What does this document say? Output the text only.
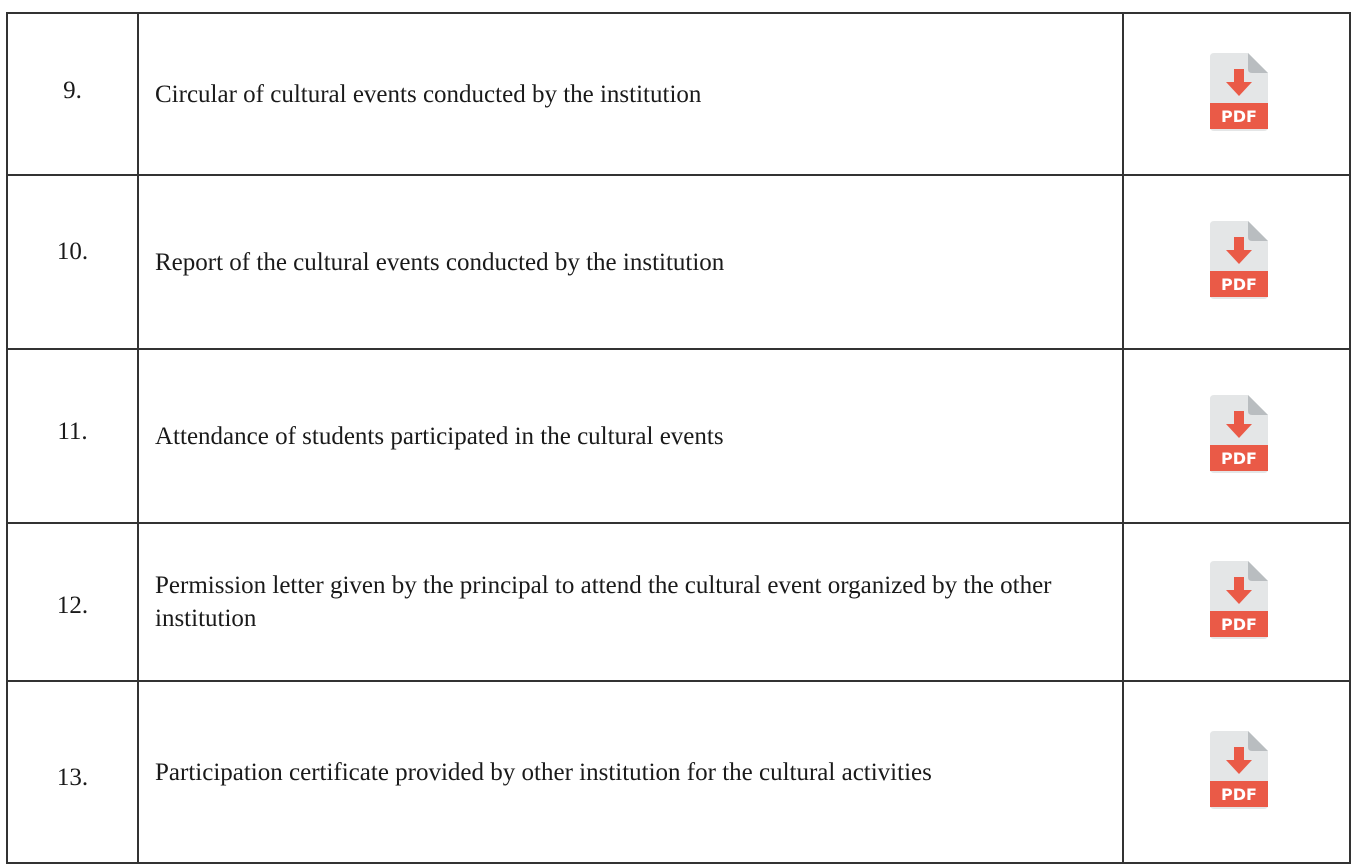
9.	Circular of cultural events conducted by the institution	PDF

10.	Report of the cultural events conducted by the institution	PDF

11.	Attendance of students participated in the cultural events	PDF

12.	Permission letter given by the principal to attend the cultural event organized by the other institution	PDF

13.	Participation certificate provided by other institution for the cultural activities	PDF
